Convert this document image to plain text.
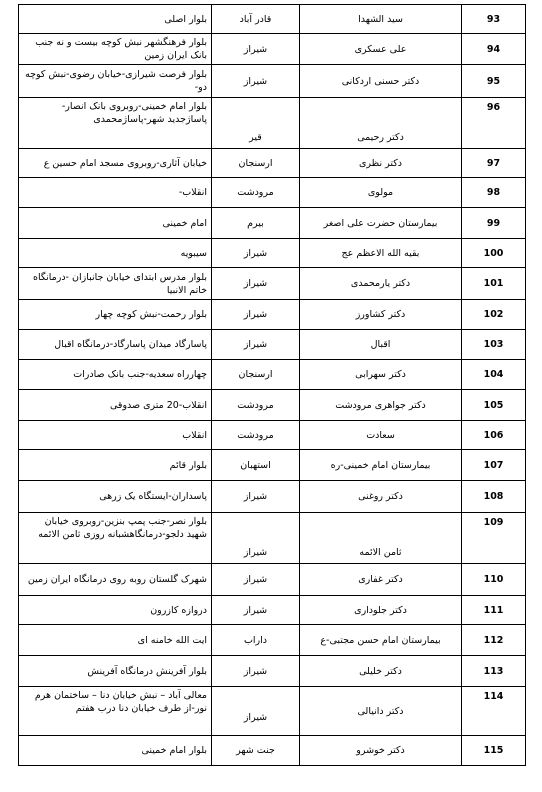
93	سید الشهدا	قادر آباد	بلوار اصلی
94	علی عسکری	شیراز	بلوار فرهنگشهر نبش کوچه بیست و نه جنب بانک ایران زمین
95	دکتر حسنی اردکانی	شیراز	بلوار فرصت شیرازی-خیابان رضوی-نبش کوچه دو-
96	دکتر رحیمی	قیر	بلوار امام خمینی-روبروی بانک انصار-پاساژجدید شهر-پاساژمحمدی
97	دکتر نظری	ارسنجان	خیابان آثاری-روبروی مسجد امام حسین ع
98	مولوی	مرودشت	انقلاب-
99	بیمارستان حضرت علی اصغر	بیرم	امام خمینی
100	بقیه الله الاعظم عج	شیراز	سیبویه
101	دکتر یارمحمدی	شیراز	بلوار مدرس ابتدای خیابان جانبازان -درمانگاه خاتم الانبیا
102	دکتر کشاورز	شیراز	بلوار رحمت-نبش کوچه چهار
103	اقبال	شیراز	پاسارگاد میدان پاسارگاد-درمانگاه اقبال
104	دکتر سهرابی	ارسنجان	چهارراه سعدیه-جنب بانک صادرات
105	دکتر جواهری مرودشت	مرودشت	انقلاب-20 متری صدوقی
106	سعادت	مرودشت	انقلاب
107	بیمارستان امام خمینی-ره	استهبان	بلوار قائم
108	دکتر روغنی	شیراز	پاسداران-ایستگاه یک زرهی
109	ثامن الائمه	شیراز	بلوار نصر-جنب پمپ بنزین-روبروی خیابان شهید دلجو-درمانگاهشبانه روزی ثامن الائمه
110	دکتر غفاری	شیراز	شهرک گلستان روبه روی درمانگاه ایران زمین
111	دکتر جلوداری	شیراز	دروازه کازرون
112	بیمارستان امام حسن مجتبی-ع	داراب	ایت الله خامنه ای
113	دکتر خلیلی	شیراز	بلوار آفرینش درمانگاه آفرینش
114	دکتر دانیالی	شیراز	معالی آباد – نبش خیابان دنا – ساختمان هرم نور-از طرف خیابان دنا درب هفتم
115	دکتر خوشرو	جنت شهر	بلوار امام خمینی
